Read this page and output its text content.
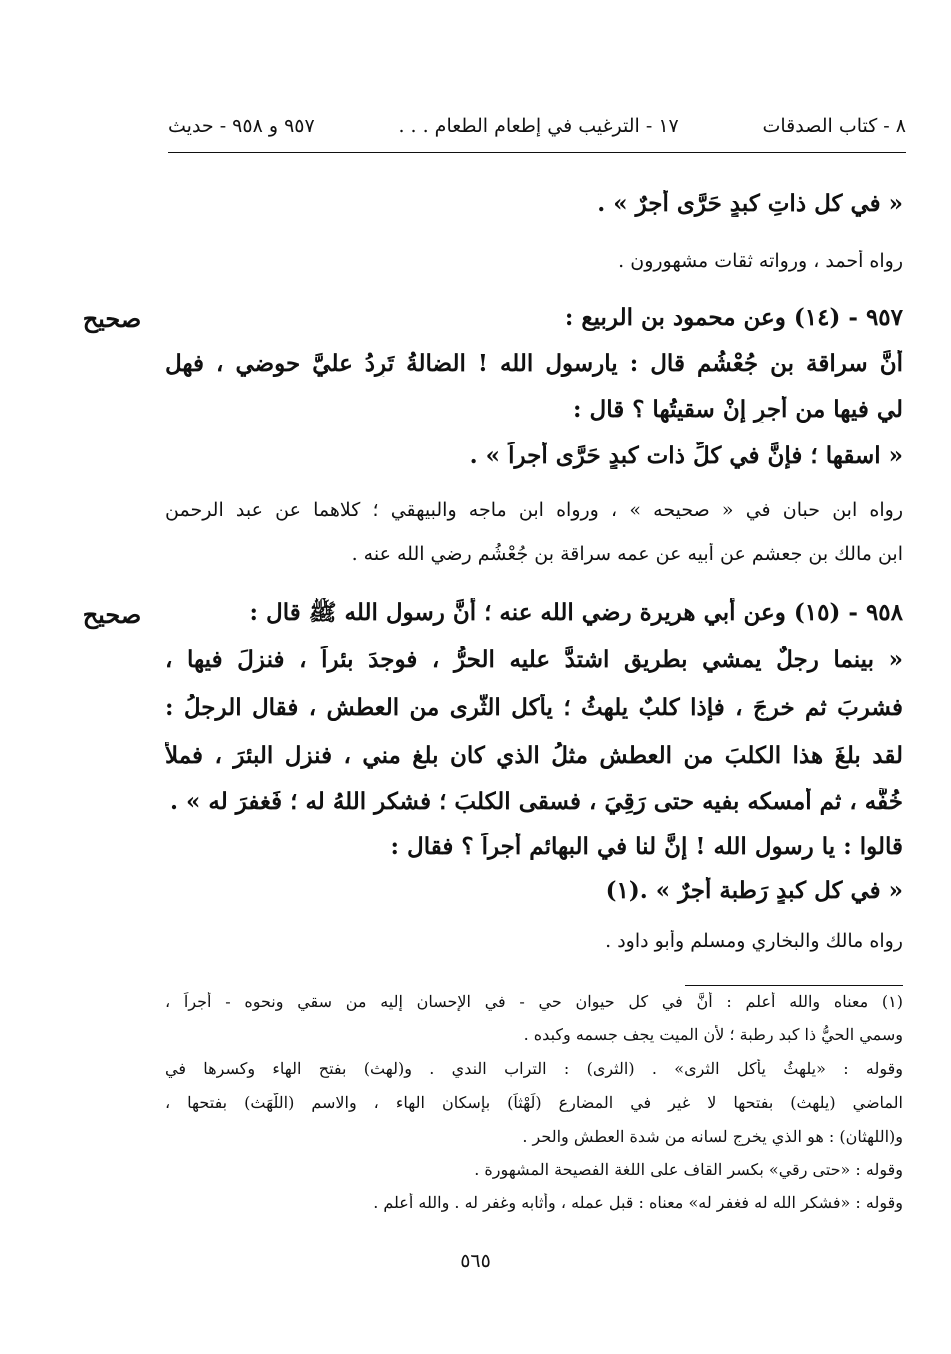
٨ - كتاب الصدقات
١٧ - الترغيب في إطعام الطعام . . .
٩٥٧ و ٩٥٨ - حديث
« في كل ذاتِ كبدٍ حَرَّى أجرٌ » .
رواه أحمد ، ورواته ثقات مشهورون .
صحيح	٩٥٧ - (١٤) وعن محمود بن الربيع :
أنَّ سراقة بن جُعْشُم قال : يارسول الله ! الضالةُ تَرِدُ عليَّ حوضي ، فهل
لي فيها من أجرٍ إنْ سقيتُها ؟ قال :
« اسقها ؛ فإنَّ في كلِّ ذات كبدٍ حَرَّى أجراً » .
رواه ابن حبان في « صحيحه » ، ورواه ابن ماجه والبيهقي ؛ كلاهما عن عبد الرحمن
ابن مالك بن جعشم عن أبيه عن عمه سراقة بن جُعْشُم رضي الله عنه .
صحيح	٩٥٨ - (١٥) وعن أبي هريرة رضي الله عنه ؛ أنَّ رسول الله ﷺ قال :
« بينما رجلٌ يمشي بطريق اشتدَّ عليه الحرُّ ، فوجدَ بئراً ، فنزلَ فيها ،
فشربَ ثم خرجَ ، فإذا كلبٌ يلهثُ ؛ يأكل الثَّرى من العطش ، فقال الرجلُ :
لقد بلغَ هذا الكلبَ من العطشِ مثلُ الذي كان بلغ مني ، فنزل البئرَ ، فملأ
خُفَّه ، ثم أمسكه بفيه حتى رَقِيَ ، فسقى الكلبَ ؛ فشكر اللهُ له ؛ فَغفرَ له » .
قالوا : يا رسول الله ! إنَّ لنا في البهائم أجراً ؟ فقال :
« في كل كبدٍ رَطبة أجرٌ » .(١)
رواه مالك والبخاري ومسلم وأبو داود .
(١) معناه والله أعلم : أنَّ في كل حيوان حي - في الإحسان إليه من سقي ونحوه - أجراً ،
وسمي الحيُّ ذا كبد رطبة ؛ لأن الميت يجف جسمه وكبده .
وقوله : «يلهثُ يأكل الثرى» . (الثرى) : التراب الندي . و(لهث) بفتح الهاء وكسرها في
الماضي (يلهث) بفتحها لا غير في المضارع (لَهْثاً) بإسكان الهاء ، والاسم (اللَّهَث) بفتحها ،
و(اللهثان) : هو الذي يخرج لسانه من شدة العطش والحر .
وقوله : «حتى رقي» بكسر القاف على اللغة الفصيحة المشهورة .
وقوله : «فشكر الله له فغفر له» معناه : قبل عمله ، وأثابه وغفر له . والله أعلم .
٥٦٥
